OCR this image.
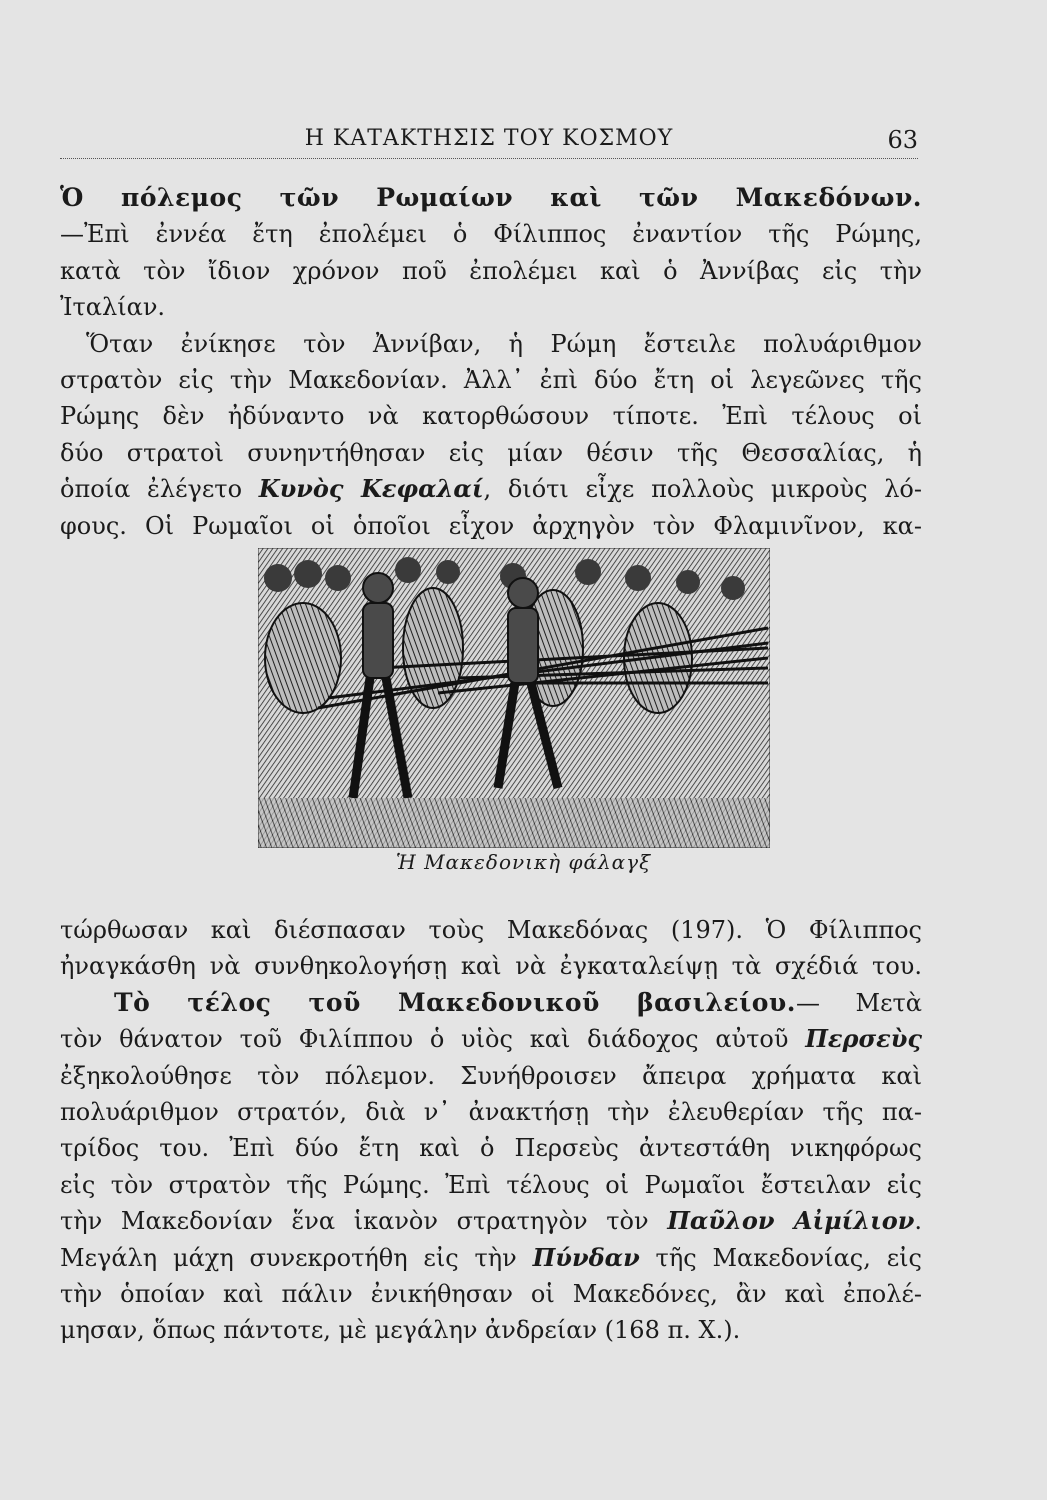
Η ΚΑΤΑΚΤΗΣΙΣ ΤΟΥ ΚΟΣΜΟΥ	63
Ὁ πόλεμος τῶν Ρωμαίων καὶ τῶν Μακεδόνων.
—Ἐπὶ ἐννέα ἔτη ἐπολέμει ὁ Φίλιππος ἐναντίον τῆς Ρώμης,
κατὰ τὸν ἴδιον χρόνον ποῦ ἐπολέμει καὶ ὁ Ἀννίβας εἰς τὴν
Ἰταλίαν.
Ὅταν ἐνίκησε τὸν Ἀννίβαν, ἡ Ρώμη ἔστειλε πολυάριθμον
στρατὸν εἰς τὴν Μακεδονίαν. Ἀλλ᾽ ἐπὶ δύο ἔτη οἱ λεγεῶνες τῆς
Ρώμης δὲν ἠδύναντο νὰ κατορθώσουν τίποτε. Ἐπὶ τέλους οἱ
δύο στρατοὶ συνηντήθησαν εἰς μίαν θέσιν τῆς Θεσσαλίας, ἡ
ὁποία ἐλέγετο Κυνὸς Κεφαλαί, διότι εἶχε πολλοὺς μικροὺς λό-
φους. Οἱ Ρωμαῖοι οἱ ὁποῖοι εἶχον ἀρχηγὸν τὸν Φλαμινῖνον, κα-
Ἡ Μακεδονικὴ φάλαγξ
τώρθωσαν καὶ διέσπασαν τοὺς Μακεδόνας (197). Ὁ Φίλιππος
ἠναγκάσθη νὰ συνθηκολογήσῃ καὶ νὰ ἐγκαταλείψῃ τὰ σχέδιά του.
Τὸ τέλος τοῦ Μακεδονικοῦ βασιλείου.— Μετὰ
τὸν θάνατον τοῦ Φιλίππου ὁ υἱὸς καὶ διάδοχος αὐτοῦ Περσεὺς
ἐξηκολούθησε τὸν πόλεμον. Συνήθροισεν ἄπειρα χρήματα καὶ
πολυάριθμον στρατόν, διὰ ν᾽ ἀνακτήσῃ τὴν ἐλευθερίαν τῆς πα-
τρίδος του. Ἐπὶ δύο ἔτη καὶ ὁ Περσεὺς ἀντεστάθη νικηφόρως
εἰς τὸν στρατὸν τῆς Ρώμης. Ἐπὶ τέλους οἱ Ρωμαῖοι ἔστειλαν εἰς
τὴν Μακεδονίαν ἕνα ἱκανὸν στρατηγὸν τὸν Παῦλον Αἰμίλιον.
Μεγάλη μάχη συνεκροτήθη εἰς τὴν Πύνδαν τῆς Μακεδονίας, εἰς
τὴν ὁποίαν καὶ πάλιν ἐνικήθησαν οἱ Μακεδόνες, ἂν καὶ ἐπολέ-
μησαν, ὅπως πάντοτε, μὲ μεγάλην ἀνδρείαν (168 π. Χ.).
